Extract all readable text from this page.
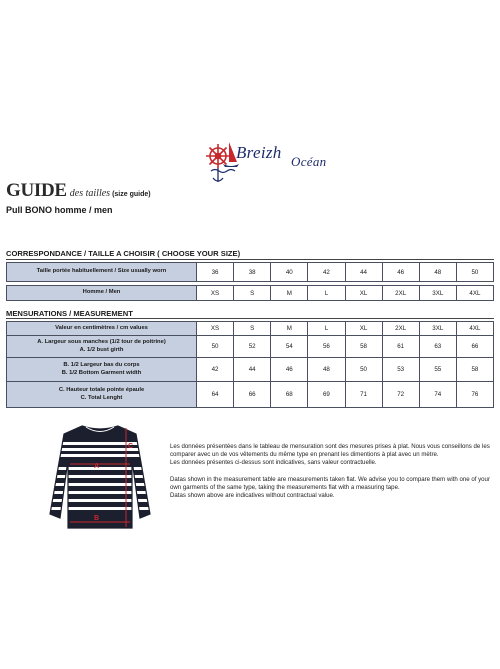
Breizh Océan
GUIDE des tailles (size guide)
Pull BONO homme / men
CORRESPONDANCE / TAILLE A CHOISIR ( CHOOSE YOUR SIZE)
Taille portée habituellement / Size usually worn	36	38	40	42	44	46	48	50

Homme / Men	XS	S	M	L	XL	2XL	3XL	4XL
MENSURATIONS / MEASUREMENT
Valeur en centimètres / cm values	XS	S	M	L	XL	2XL	3XL	4XL

A. Largeur sous manches (1/2 tour de poitrine)
A. 1/2 bust girth	50	52	54	56	58	61	63	66

B. 1/2 Largeur bas du corps
B. 1/2 Bottom Garment width	42	44	46	48	50	53	55	58

C. Hauteur totale pointe épaule
C. Total Lenght	64	66	68	69	71	72	74	76
A
B
C	Les données présentées dans le tableau de mensuration sont des mesures prises à plat. Nous vous conseillons de les comparer avec un de vos vêtements du même type en prenant les dimentions à plat avec un mètre.

Les données présentes ci-dessus sont indicatives, sans valeur contractuelle.

Datas shown in the measurement table are measurements taken flat. We advise you to compare them with one of your own garments of the same type, taking the measurements flat with a measuring tape.

Datas shown above are indicatives without contractual value.
